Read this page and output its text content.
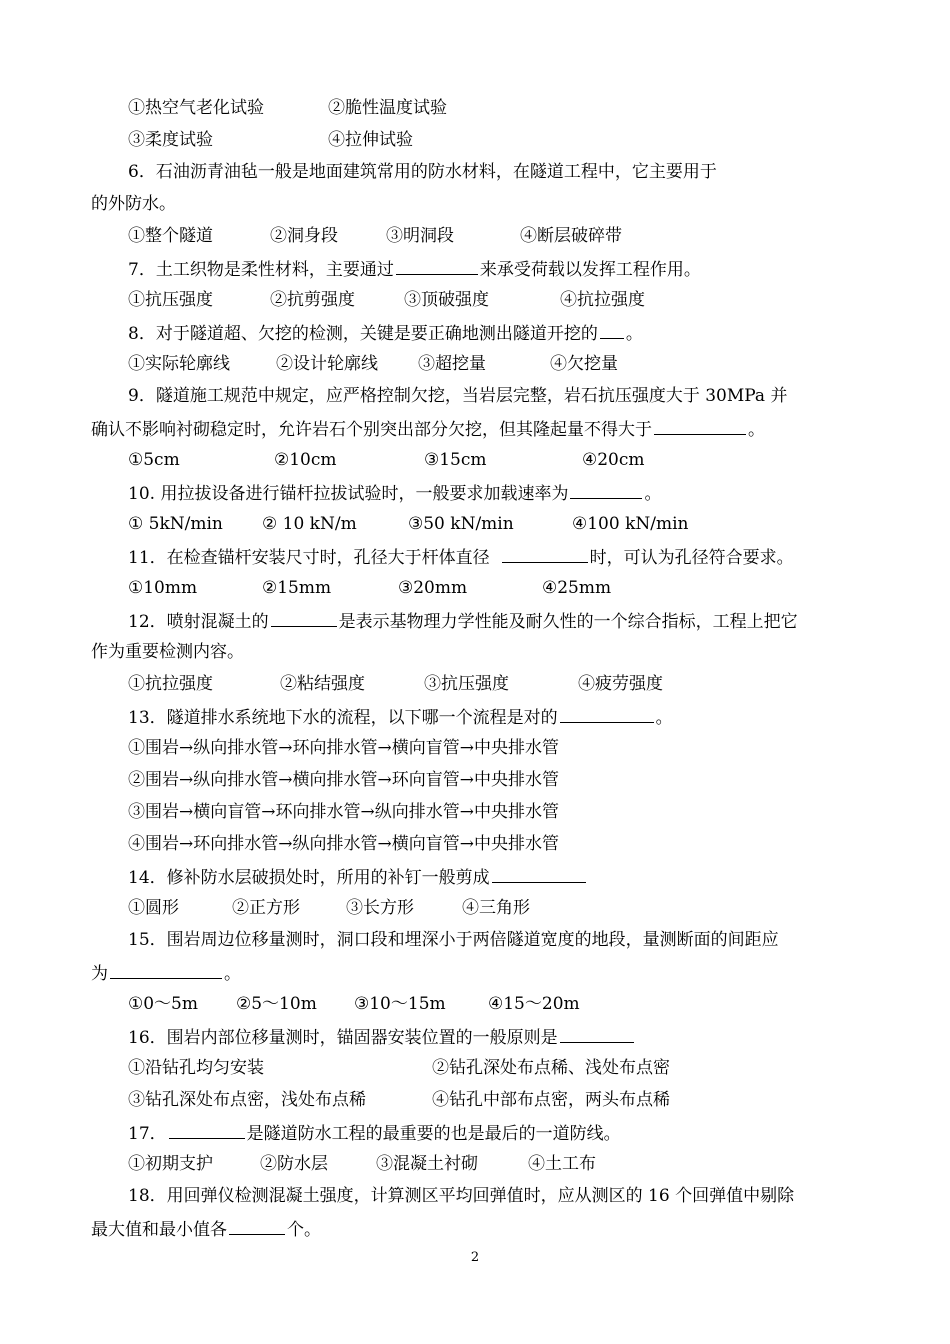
①热空气老化试验	②脆性温度试验
③柔度试验	④拉伸试验
6．石油沥青油毡一般是地面建筑常用的防水材料，在隧道工程中，它主要用于
的外防水。
①整个隧道	②洞身段	③明洞段	④断层破碎带
7．土工织物是柔性材料，主要通过	来承受荷载以发挥工程作用。
①抗压强度	②抗剪强度	③顶破强度	④抗拉强度
8．对于隧道超、欠挖的检测，关键是要正确地测出隧道开挖的 。
①实际轮廓线	②设计轮廓线 ③超挖量	④欠挖量
9．隧道施工规范中规定，应严格控制欠挖，当岩层完整，岩石抗压强度大于 30MPa 并
确认不影响衬砌稳定时，允许岩石个别突出部分欠挖，但其隆起量不得大于	。
①5cm	②10cm	③15cm	④20cm
10. 用拉拔设备进行锚杆拉拔试验时，一般要求加载速率为	。
① 5kN/min ② 10 kN/m	③50 kN/min	④100 kN/min
11．在检查锚杆安装尺寸时，孔径大于杆体直径	时，可认为孔径符合要求。
①10mm	②15mm	③20mm	④25mm
12．喷射混凝土的	是表示基物理力学性能及耐久性的一个综合指标，工程上把它
作为重要检测内容。
①抗拉强度	②粘结强度	③抗压强度	④疲劳强度
13．隧道排水系统地下水的流程，以下哪一个流程是对的	。
①围岩→纵向排水管→环向排水管→横向盲管→中央排水管
②围岩→纵向排水管→横向排水管→环向盲管→中央排水管
③围岩→横向盲管→环向排水管→纵向排水管→中央排水管
④围岩→环向排水管→纵向排水管→横向盲管→中央排水管
14．修补防水层破损处时，所用的补钉一般剪成
①圆形	②正方形	③长方形	④三角形
15．围岩周边位移量测时，洞口段和埋深小于两倍隧道宽度的地段，量测断面的间距应
为	。
①0～5m ②5～10m ③10～15m ④15～20m
16．围岩内部位移量测时，锚固器安装位置的一般原则是
①沿钻孔均匀安装	②钻孔深处布点稀、浅处布点密
③钻孔深处布点密，浅处布点稀	④钻孔中部布点密，两头布点稀
17．	是隧道防水工程的最重要的也是最后的一道防线。
①初期支护	②防水层	③混凝土衬砌	④土工布
18．用回弹仪检测混凝土强度，计算测区平均回弹值时，应从测区的 16 个回弹值中剔除
最大值和最小值各	个。
2
